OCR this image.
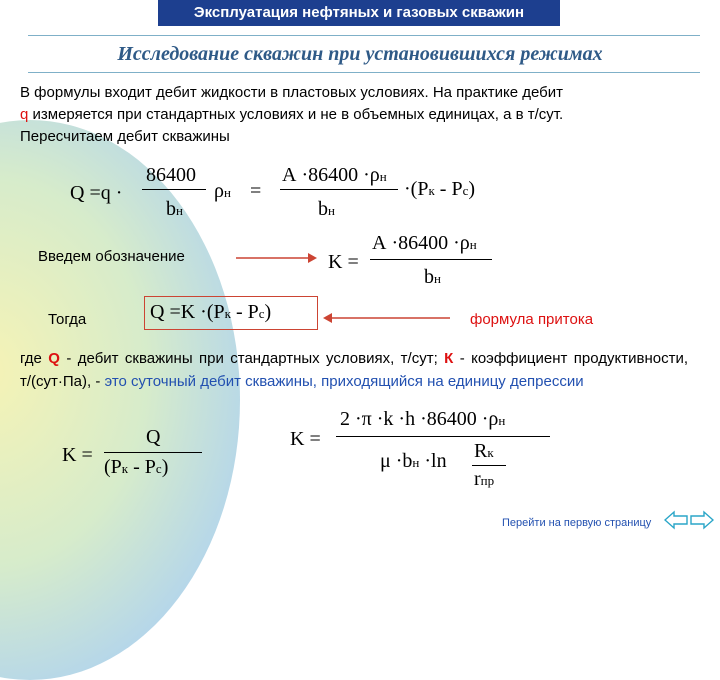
Эксплуатация нефтяных и газовых скважин
Исследование скважин при установившихся режимах
В формулы входит дебит жидкости в пластовых условиях. На практике дебит
q измеряется при стандартных условиях и не в объемных единицах, а в т/сут.
Пересчитаем дебит скважины
Q =q ·
86400
bн
ρн =
А ·86400 ·ρн
bн
·(Pк - Pс)
Введем обозначение	K =
А ·86400 ·ρн
bн
Тогда	Q =K ·(Pк - Pс)	формула притока
где Q - дебит скважины при стандартных условиях, т/сут; К - коэффициент продуктивности, т/(сут·Па), - это суточный дебит скважины, приходящийся на единицу депрессии
K =
Q
(Pк - Pс)
K =
2 ·π ·k ·h ·86400 ·ρн
μ ·bн ·ln Rк
rпр
Перейти на первую страницу
